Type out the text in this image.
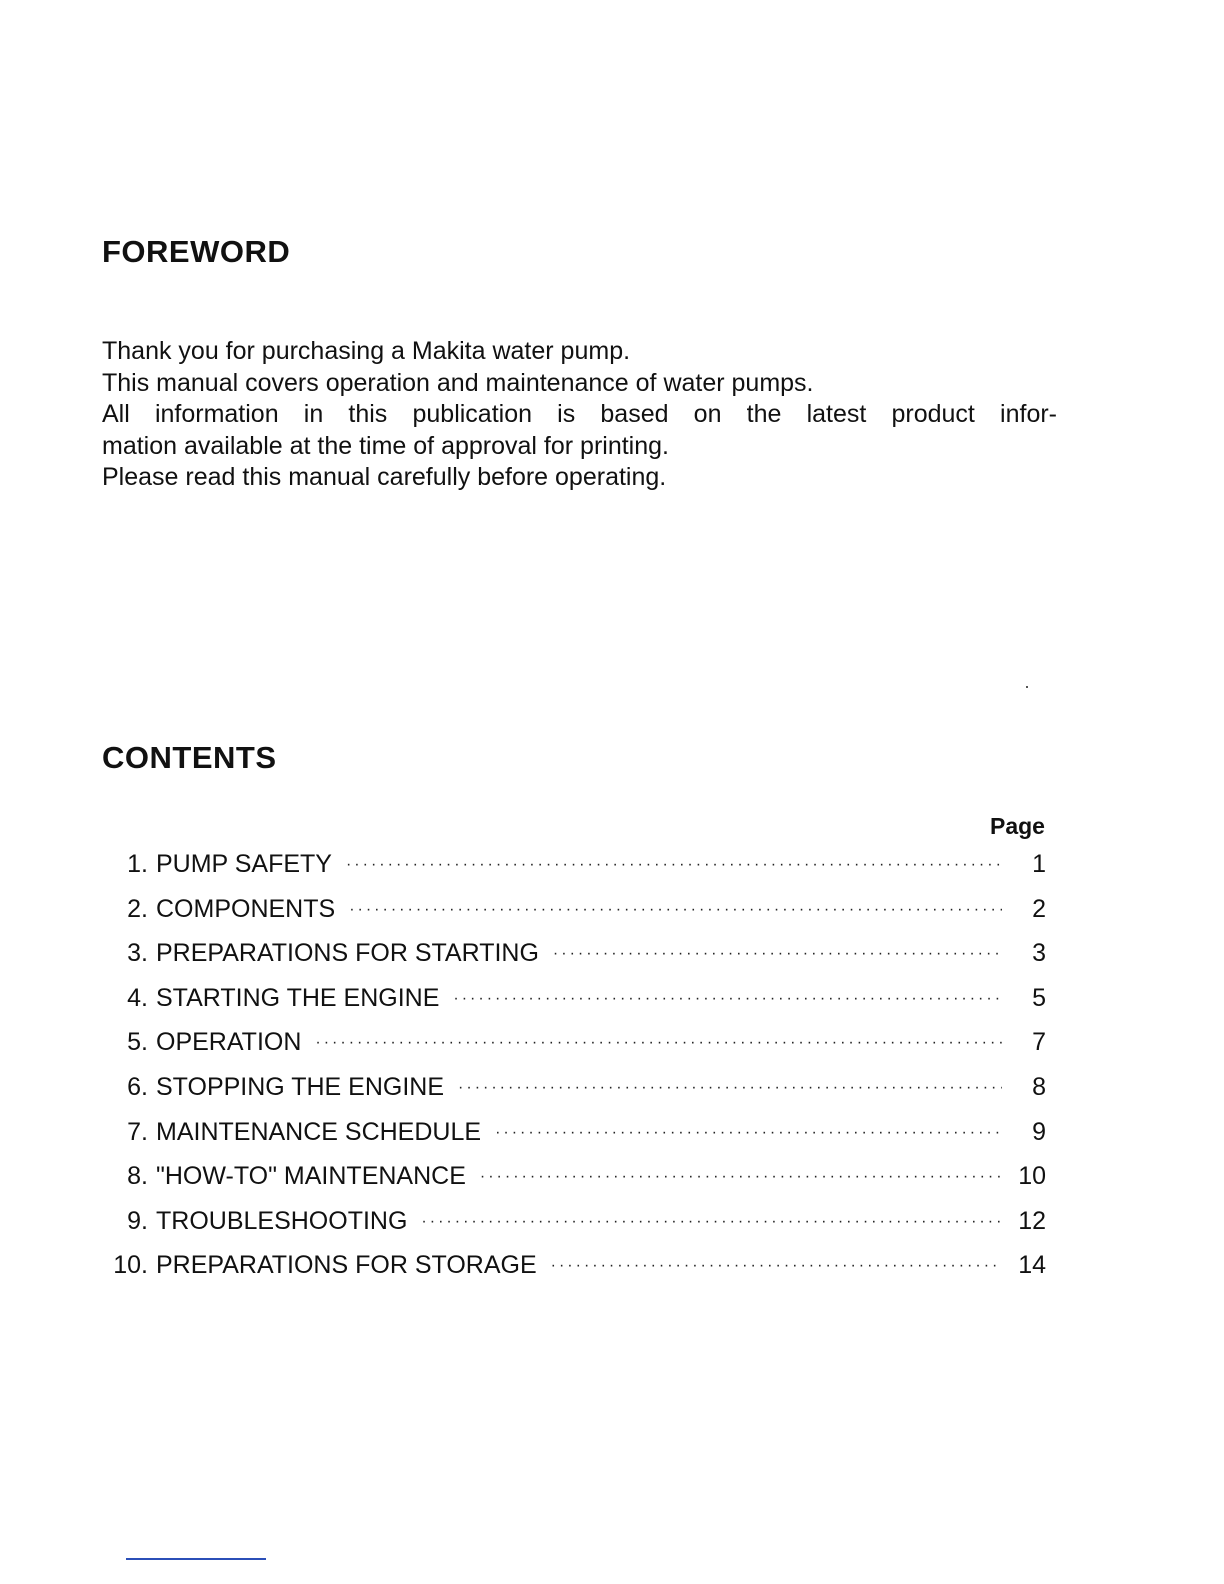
FOREWORD
Thank you for purchasing a Makita water pump.
This manual covers operation and maintenance of water pumps.
All information in this publication is based on the latest product infor-
mation available at the time of approval for printing.
Please read this manual carefully before operating.
CONTENTS
Page
1. PUMP SAFETY ·····	1
2. COMPONENTS ·····	2
3. PREPARATIONS FOR STARTING ·····	3
4. STARTING THE ENGINE ·····	5
5. OPERATION ·····	7
6. STOPPING THE ENGINE ·····	8
7. MAINTENANCE SCHEDULE ·····	9
8. "HOW-TO" MAINTENANCE ·····	10
9. TROUBLESHOOTING ·····	12
10. PREPARATIONS FOR STORAGE ·····	14
